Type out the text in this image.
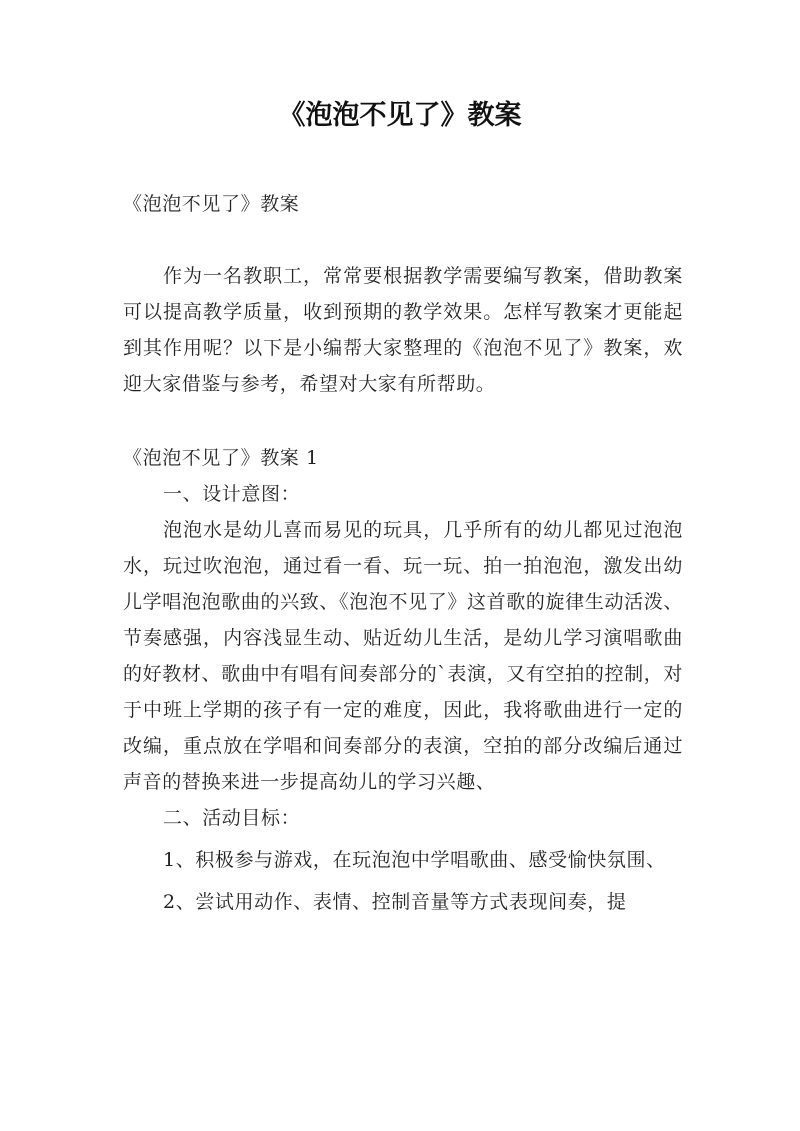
《泡泡不见了》教案

《泡泡不见了》教案

作为一名教职工，常常要根据教学需要编写教案，借助教案可以提高教学质量，收到预期的教学效果。怎样写教案才更能起到其作用呢？以下是小编帮大家整理的《泡泡不见了》教案，欢迎大家借鉴与参考，希望对大家有所帮助。

《泡泡不见了》教案 1

一、设计意图：

泡泡水是幼儿喜而易见的玩具，几乎所有的幼儿都见过泡泡水，玩过吹泡泡，通过看一看、玩一玩、拍一拍泡泡，激发出幼儿学唱泡泡歌曲的兴致、《泡泡不见了》这首歌的旋律生动活泼、节奏感强，内容浅显生动、贴近幼儿生活，是幼儿学习演唱歌曲的好教材、歌曲中有唱有间奏部分的`表演，又有空拍的控制，对于中班上学期的孩子有一定的难度，因此，我将歌曲进行一定的改编，重点放在学唱和间奏部分的表演，空拍的部分改编后通过声音的替换来进一步提高幼儿的学习兴趣、

二、活动目标：

1、积极参与游戏，在玩泡泡中学唱歌曲、感受愉快氛围、

2、尝试用动作、表情、控制音量等方式表现间奏，提
